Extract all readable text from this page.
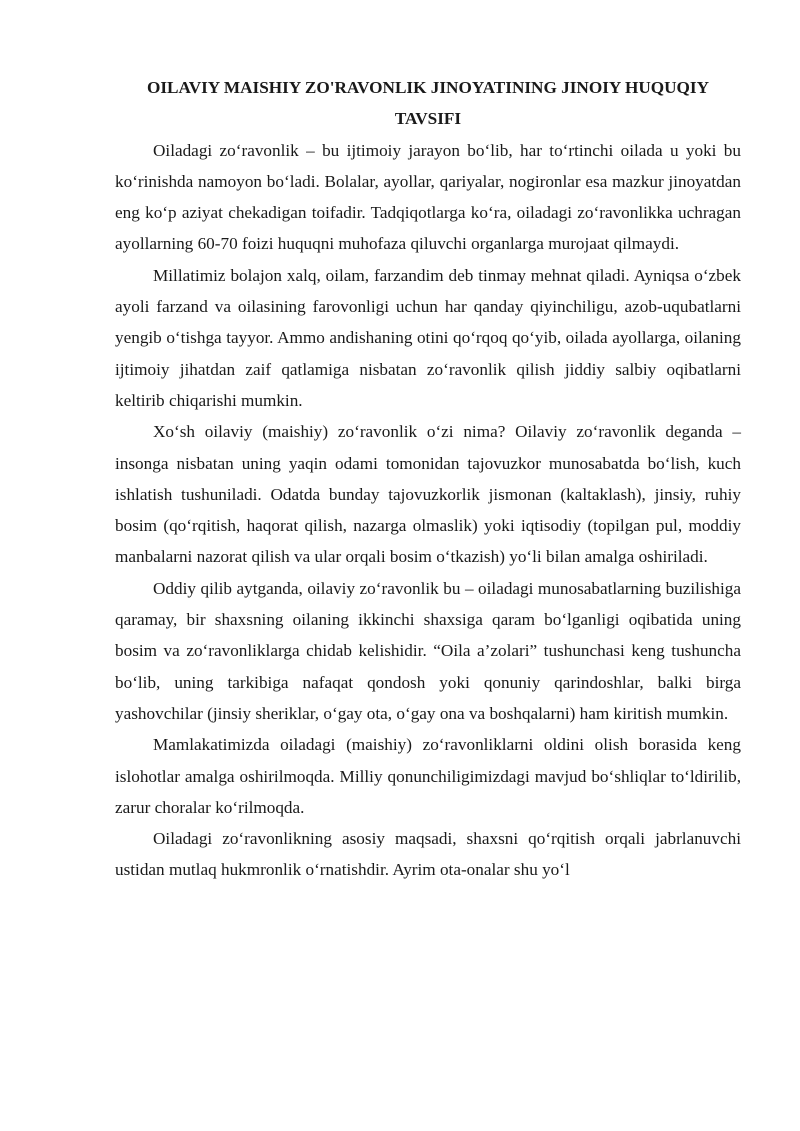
OILAVIY MAISHIY ZO'RAVONLIK JINOYATINING JINOIY HUQUQIY TAVSIFI

Oiladagi zo‘ravonlik – bu ijtimoiy jarayon bo‘lib, har to‘rtinchi oilada u yoki bu ko‘rinishda namoyon bo‘ladi. Bolalar, ayollar, qariyalar, nogironlar esa mazkur jinoyatdan eng ko‘p aziyat chekadigan toifadir. Tadqiqotlarga ko‘ra, oiladagi zo‘ravonlikka uchragan ayollarning 60-70 foizi huquqni muhofaza qiluvchi organlarga murojaat qilmaydi.

Millatimiz bolajon xalq, oilam, farzandim deb tinmay mehnat qiladi. Ayniqsa o‘zbek ayoli farzand va oilasining farovonligi uchun har qanday qiyinchiligu, azob-uqubatlarni yengib o‘tishga tayyor. Ammo andishaning otini qo‘rqoq qo‘yib, oilada ayollarga, oilaning ijtimoiy jihatdan zaif qatlamiga nisbatan zo‘ravonlik qilish jiddiy salbiy oqibatlarni keltirib chiqarishi mumkin.

Xo‘sh oilaviy (maishiy) zo‘ravonlik o‘zi nima? Oilaviy zo‘ravonlik deganda – insonga nisbatan uning yaqin odami tomonidan tajovuzkor munosabatda bo‘lish, kuch ishlatish tushuniladi. Odatda bunday tajovuzkorlik jismonan (kaltaklash), jinsiy, ruhiy bosim (qo‘rqitish, haqorat qilish, nazarga olmaslik) yoki iqtisodiy (topilgan pul, moddiy manbalarni nazorat qilish va ular orqali bosim o‘tkazish) yo‘li bilan amalga oshiriladi.

Oddiy qilib aytganda, oilaviy zo‘ravonlik bu – oiladagi munosabatlarning buzilishiga qaramay, bir shaxsning oilaning ikkinchi shaxsiga qaram bo‘lganligi oqibatida uning bosim va zo‘ravonliklarga chidab kelishidir. “Oila a’zolari” tushunchasi keng tushuncha bo‘lib, uning tarkibiga nafaqat qondosh yoki qonuniy qarindoshlar, balki birga yashovchilar (jinsiy sheriklar, o‘gay ota, o‘gay ona va boshqalarni) ham kiritish mumkin.

Mamlakatimizda oiladagi (maishiy) zo‘ravonliklarni oldini olish borasida keng islohotlar amalga oshirilmoqda. Milliy qonunchiligimizdagi mavjud bo‘shliqlar to‘ldirilib, zarur choralar ko‘rilmoqda.

Oiladagi zo‘ravonlikning asosiy maqsadi, shaxsni qo‘rqitish orqali jabrlanuvchi ustidan mutlaq hukmronlik o‘rnatishdir. Ayrim ota-onalar shu yo‘l
